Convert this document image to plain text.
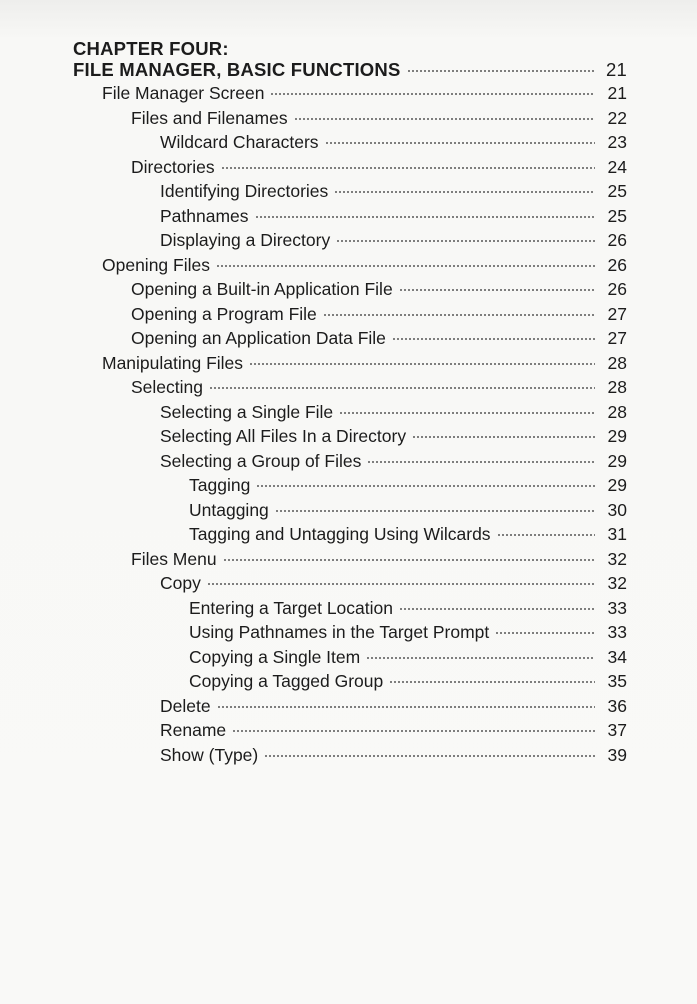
CHAPTER FOUR:
FILE MANAGER, BASIC FUNCTIONS	21
File Manager Screen	21
Files and Filenames	22
Wildcard Characters	23
Directories	24
Identifying Directories	25
Pathnames	25
Displaying a Directory	26
Opening Files	26
Opening a Built-in Application File	26
Opening a Program File	27
Opening an Application Data File	27
Manipulating Files	28
Selecting	28
Selecting a Single File	28
Selecting All Files In a Directory	29
Selecting a Group of Files	29
Tagging	29
Untagging	30
Tagging and Untagging Using Wilcards	31
Files Menu	32
Copy	32
Entering a Target Location	33
Using Pathnames in the Target Prompt	33
Copying a Single Item	34
Copying a Tagged Group	35
Delete	36
Rename	37
Show (Type)	39
